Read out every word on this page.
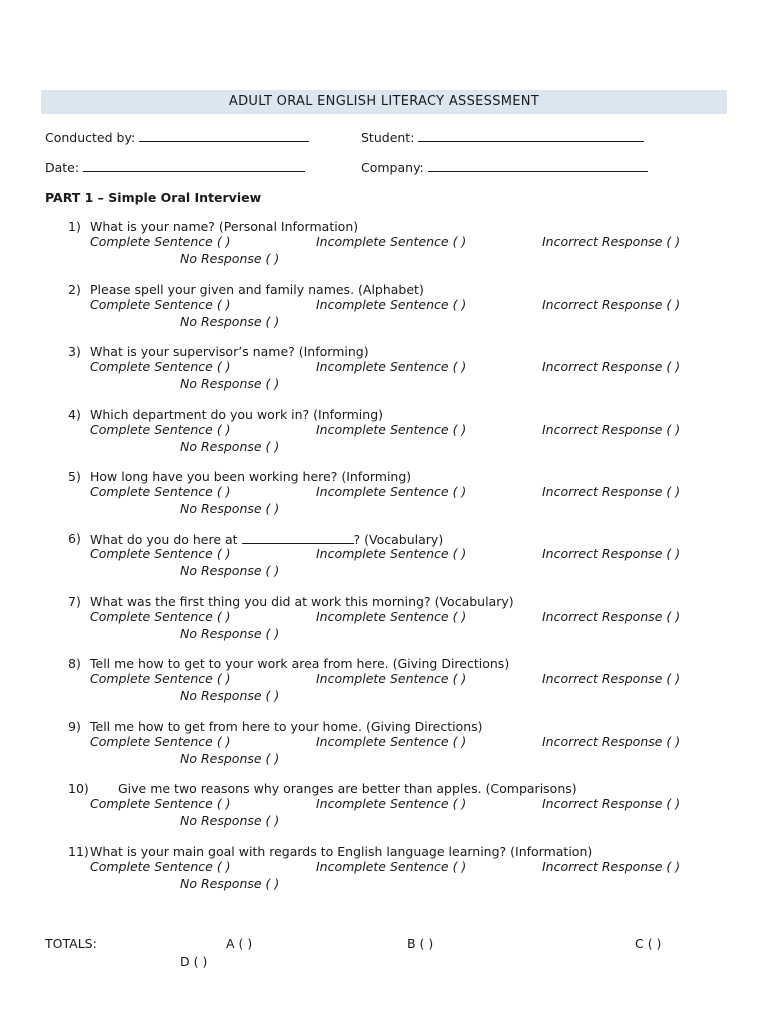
ADULT ORAL ENGLISH LITERACY ASSESSMENT
Conducted by:	Student:
Date:	Company:
PART 1 – Simple Oral Interview
1) What is your name? (Personal Information)
Complete Sentence ( )	Incomplete Sentence ( )	Incorrect Response ( )
No Response ( )
2) Please spell your given and family names. (Alphabet)
Complete Sentence ( )	Incomplete Sentence ( )	Incorrect Response ( )
No Response ( )
3) What is your supervisor’s name? (Informing)
Complete Sentence ( )	Incomplete Sentence ( )	Incorrect Response ( )
No Response ( )
4) Which department do you work in? (Informing)
Complete Sentence ( )	Incomplete Sentence ( )	Incorrect Response ( )
No Response ( )
5) How long have you been working here? (Informing)
Complete Sentence ( )	Incomplete Sentence ( )	Incorrect Response ( )
No Response ( )
6) What do you do here at	? (Vocabulary)
Complete Sentence ( )	Incomplete Sentence ( )	Incorrect Response ( )
No Response ( )
7) What was the first thing you did at work this morning? (Vocabulary)
Complete Sentence ( )	Incomplete Sentence ( )	Incorrect Response ( )
No Response ( )
8) Tell me how to get to your work area from here. (Giving Directions)
Complete Sentence ( )	Incomplete Sentence ( )	Incorrect Response ( )
No Response ( )
9) Tell me how to get from here to your home. (Giving Directions)
Complete Sentence ( )	Incomplete Sentence ( )	Incorrect Response ( )
No Response ( )
10) Give me two reasons why oranges are better than apples. (Comparisons)
Complete Sentence ( )	Incomplete Sentence ( )	Incorrect Response ( )
No Response ( )
11) What is your main goal with regards to English language learning? (Information)
Complete Sentence ( )	Incomplete Sentence ( )	Incorrect Response ( )
No Response ( )
TOTALS:	A ( )	B ( )	C ( )
D ( )
